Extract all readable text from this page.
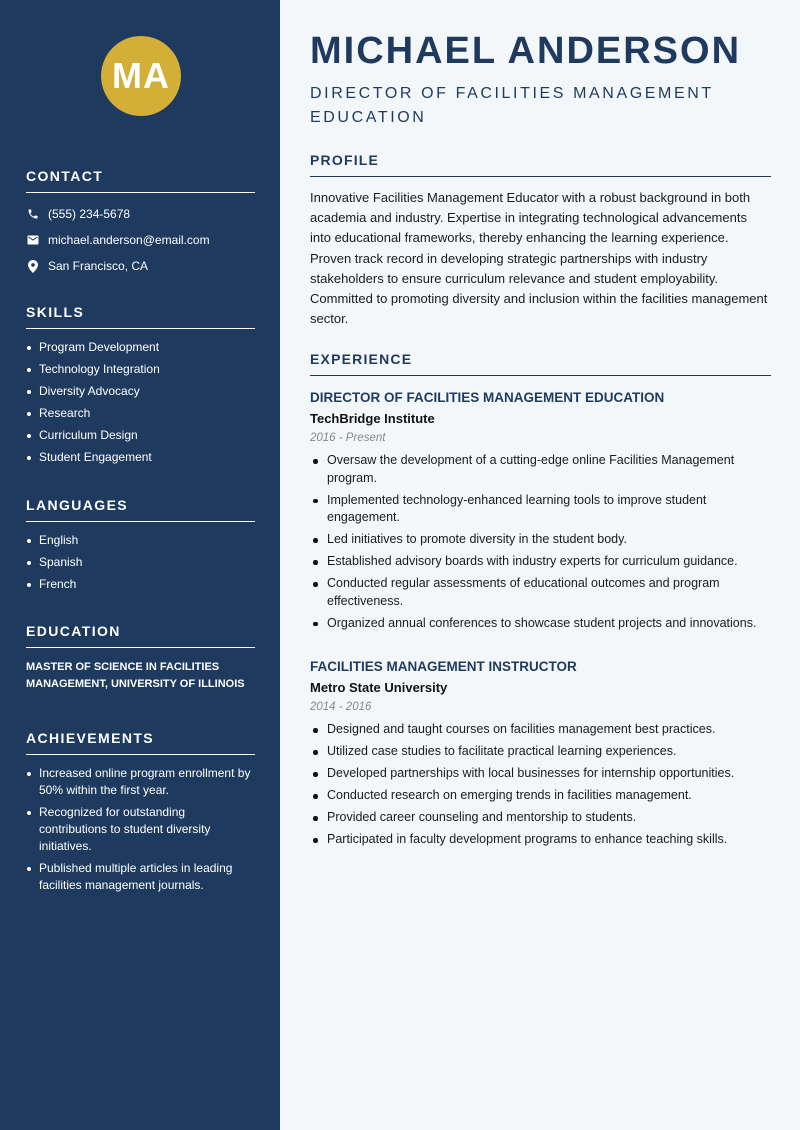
MA
CONTACT
(555) 234-5678
michael.anderson@email.com
San Francisco, CA
SKILLS
Program Development
Technology Integration
Diversity Advocacy
Research
Curriculum Design
Student Engagement
LANGUAGES
English
Spanish
French
EDUCATION
MASTER OF SCIENCE IN FACILITIES MANAGEMENT, UNIVERSITY OF ILLINOIS
ACHIEVEMENTS
Increased online program enrollment by 50% within the first year.
Recognized for outstanding contributions to student diversity initiatives.
Published multiple articles in leading facilities management journals.
MICHAEL ANDERSON
DIRECTOR OF FACILITIES MANAGEMENT EDUCATION
PROFILE
Innovative Facilities Management Educator with a robust background in both academia and industry. Expertise in integrating technological advancements into educational frameworks, thereby enhancing the learning experience. Proven track record in developing strategic partnerships with industry stakeholders to ensure curriculum relevance and student employability. Committed to promoting diversity and inclusion within the facilities management sector.
EXPERIENCE
DIRECTOR OF FACILITIES MANAGEMENT EDUCATION
TechBridge Institute
2016 - Present
Oversaw the development of a cutting-edge online Facilities Management program.
Implemented technology-enhanced learning tools to improve student engagement.
Led initiatives to promote diversity in the student body.
Established advisory boards with industry experts for curriculum guidance.
Conducted regular assessments of educational outcomes and program effectiveness.
Organized annual conferences to showcase student projects and innovations.
FACILITIES MANAGEMENT INSTRUCTOR
Metro State University
2014 - 2016
Designed and taught courses on facilities management best practices.
Utilized case studies to facilitate practical learning experiences.
Developed partnerships with local businesses for internship opportunities.
Conducted research on emerging trends in facilities management.
Provided career counseling and mentorship to students.
Participated in faculty development programs to enhance teaching skills.
